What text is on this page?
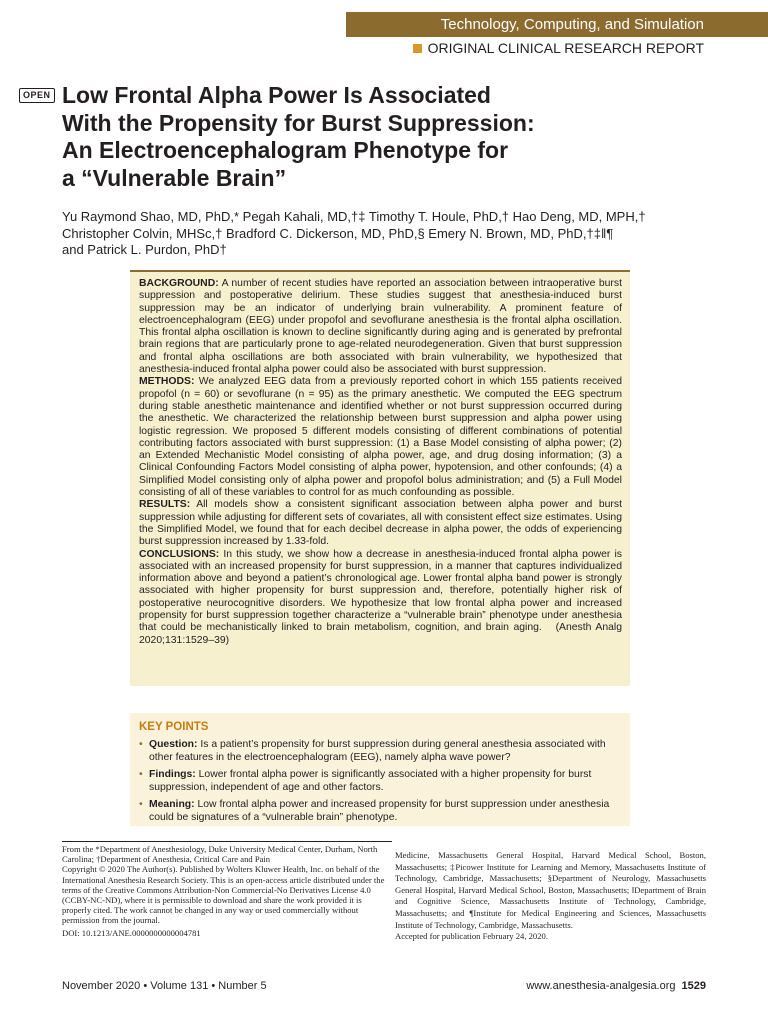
Technology, Computing, and Simulation
ORIGINAL CLINICAL RESEARCH REPORT
OPEN Low Frontal Alpha Power Is Associated
With the Propensity for Burst Suppression:
An Electroencephalogram Phenotype for
a “Vulnerable Brain”

Yu Raymond Shao, MD, PhD,* Pegah Kahali, MD,†‡ Timothy T. Houle, PhD,† Hao Deng, MD, MPH,†
Christopher Colvin, MHSc,† Bradford C. Dickerson, MD, PhD,§ Emery N. Brown, MD, PhD,†‡‖¶
and Patrick L. Purdon, PhD†

BACKGROUND: A number of recent studies have reported an association between intraoperative burst suppression and postoperative delirium. These studies suggest that anesthesia-induced burst suppression may be an indicator of underlying brain vulnerability. A prominent feature of electroencephalogram (EEG) under propofol and sevoflurane anesthesia is the frontal alpha oscillation. This frontal alpha oscillation is known to decline significantly during aging and is generated by prefrontal brain regions that are particularly prone to age-related neurodegeneration. Given that burst suppression and frontal alpha oscillations are both associated with brain vulnerability, we hypothesized that anesthesia-induced frontal alpha power could also be associated with burst suppression.

METHODS: We analyzed EEG data from a previously reported cohort in which 155 patients received propofol (n = 60) or sevoflurane (n = 95) as the primary anesthetic. We computed the EEG spectrum during stable anesthetic maintenance and identified whether or not burst suppression occurred during the anesthetic. We characterized the relationship between burst suppression and alpha power using logistic regression. We proposed 5 different models consisting of different combinations of potential contributing factors associated with burst suppression: (1) a Base Model consisting of alpha power; (2) an Extended Mechanistic Model consisting of alpha power, age, and drug dosing information; (3) a Clinical Confounding Factors Model consisting of alpha power, hypotension, and other confounds; (4) a Simplified Model consisting only of alpha power and propofol bolus administration; and (5) a Full Model consisting of all of these variables to control for as much confounding as possible.

RESULTS: All models show a consistent significant association between alpha power and burst suppression while adjusting for different sets of covariates, all with consistent effect size estimates. Using the Simplified Model, we found that for each decibel decrease in alpha power, the odds of experiencing burst suppression increased by 1.33-fold.

CONCLUSIONS: In this study, we show how a decrease in anesthesia-induced frontal alpha power is associated with an increased propensity for burst suppression, in a manner that captures individualized information above and beyond a patient’s chronological age. Lower frontal alpha band power is strongly associated with higher propensity for burst suppression and, therefore, potentially higher risk of postoperative neurocognitive disorders. We hypothesize that low frontal alpha power and increased propensity for burst suppression together characterize a “vulnerable brain” phenotype under anesthesia that could be mechanistically linked to brain metabolism, cognition, and brain aging. (Anesth Analg 2020;131:1529–39)

KEY POINTS
• Question: Is a patient’s propensity for burst suppression during general anesthesia associated with other features in the electroencephalogram (EEG), namely alpha wave power?
• Findings: Lower frontal alpha power is significantly associated with a higher propensity for burst suppression, independent of age and other factors.
• Meaning: Low frontal alpha power and increased propensity for burst suppression under anesthesia could be signatures of a “vulnerable brain” phenotype.

From the *Department of Anesthesiology, Duke University Medical Center, Durham, North Carolina; †Department of Anesthesia, Critical Care and Pain

Copyright © 2020 The Author(s). Published by Wolters Kluwer Health, Inc. on behalf of the International Anesthesia Research Society. This is an open-access article distributed under the terms of the Creative Commons Attribution-Non Commercial-No Derivatives License 4.0 (CCBY-NC-ND), where it is permissible to download and share the work provided it is properly cited. The work cannot be changed in any way or used commercially without permission from the journal.

DOI: 10.1213/ANE.0000000000004781

Medicine, Massachusetts General Hospital, Harvard Medical School, Boston, Massachusetts; ‡Picower Institute for Learning and Memory, Massachusetts Institute of Technology, Cambridge, Massachusetts; §Department of Neurology, Massachusetts General Hospital, Harvard Medical School, Boston, Massachusetts; ‖Department of Brain and Cognitive Science, Massachusetts Institute of Technology, Cambridge, Massachusetts; and ¶Institute for Medical Engineering and Sciences, Massachusetts Institute of Technology, Cambridge, Massachusetts.

Accepted for publication February 24, 2020.

November 2020 • Volume 131 • Number 5	www.anesthesia-analgesia.org 1529
